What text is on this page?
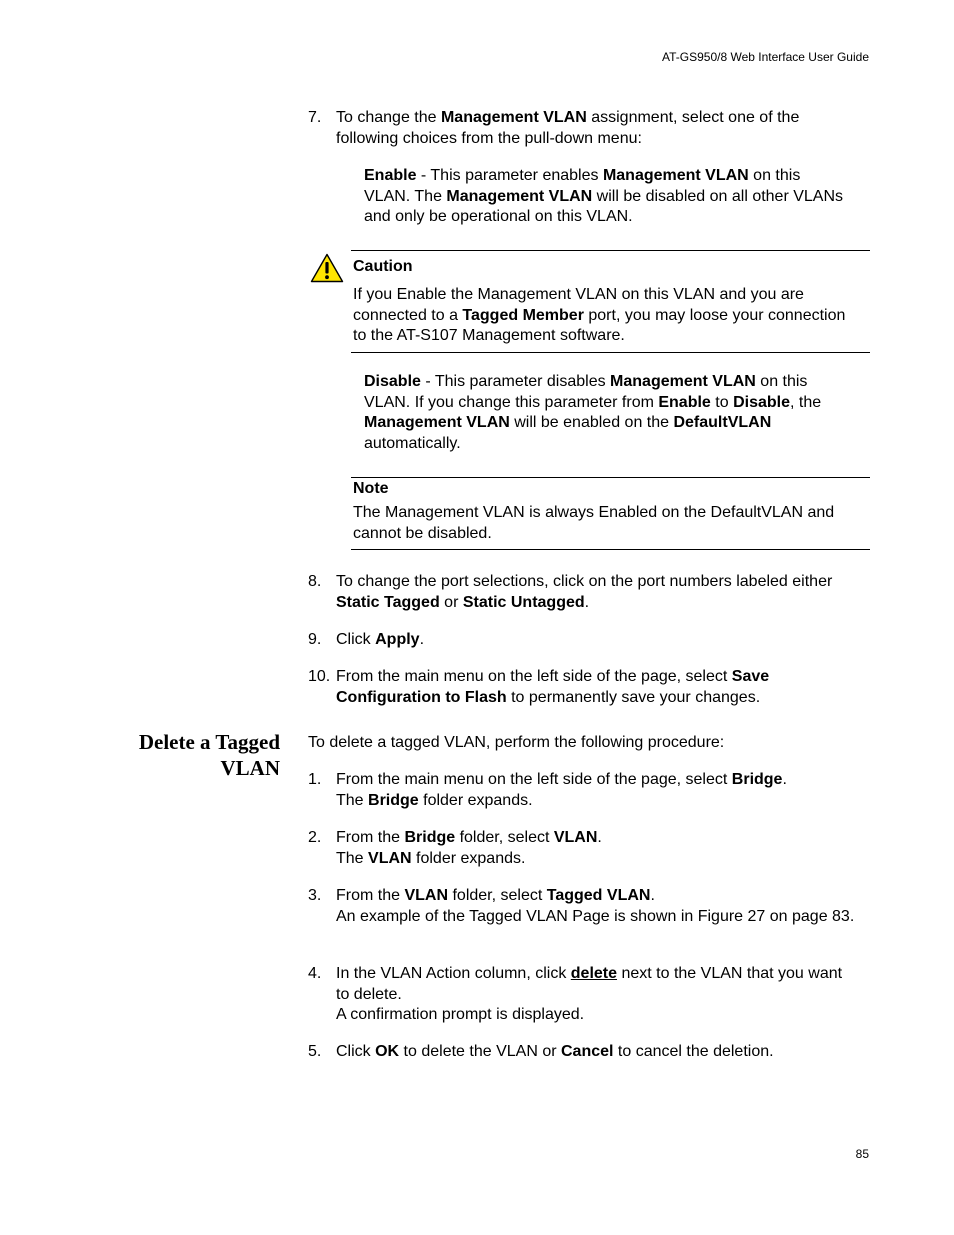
AT-GS950/8 Web Interface User Guide
7. To change the Management VLAN assignment, select one of the following choices from the pull-down menu:
Enable - This parameter enables Management VLAN on this VLAN. The Management VLAN will be disabled on all other VLANs and only be operational on this VLAN.
Caution
If you Enable the Management VLAN on this VLAN and you are connected to a Tagged Member port, you may loose your connection to the AT-S107 Management software.
Disable - This parameter disables Management VLAN on this VLAN. If you change this parameter from Enable to Disable, the Management VLAN will be enabled on the DefaultVLAN automatically.
Note
The Management VLAN is always Enabled on the DefaultVLAN and cannot be disabled.
8. To change the port selections, click on the port numbers labeled either Static Tagged or Static Untagged.
9. Click Apply.
10. From the main menu on the left side of the page, select Save Configuration to Flash to permanently save your changes.
Delete a Tagged
VLAN
To delete a tagged VLAN, perform the following procedure:
1. From the main menu on the left side of the page, select Bridge.
The Bridge folder expands.
2. From the Bridge folder, select VLAN.
The VLAN folder expands.
3. From the VLAN folder, select Tagged VLAN.
An example of the Tagged VLAN Page is shown in Figure 27 on page 83.
4. In the VLAN Action column, click delete next to the VLAN that you want to delete.
A confirmation prompt is displayed.
5. Click OK to delete the VLAN or Cancel to cancel the deletion.
85
